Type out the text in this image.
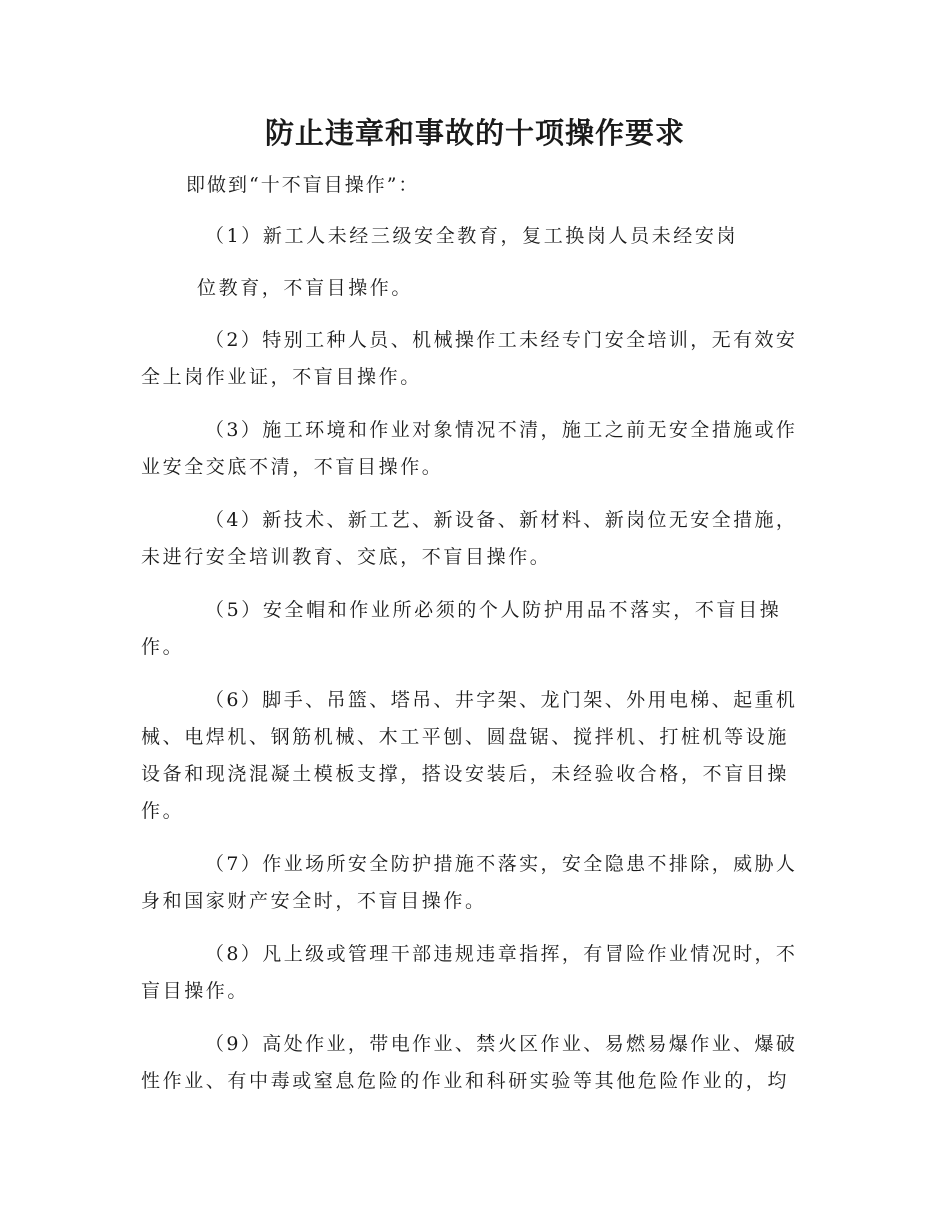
防止违章和事故的十项操作要求
即做到“十不盲目操作”：
（1）新工人未经三级安全教育，复工换岗人员未经安岗
位教育，不盲目操作。
（2）特别工种人员、机械操作工未经专门安全培训，无有效安
全上岗作业证，不盲目操作。
（3）施工环境和作业对象情况不清，施工之前无安全措施或作
业安全交底不清，不盲目操作。
（4）新技术、新工艺、新设备、新材料、新岗位无安全措施，
未进行安全培训教育、交底，不盲目操作。
（5）安全帽和作业所必须的个人防护用品不落实，不盲目操
作。
（6）脚手、吊篮、塔吊、井字架、龙门架、外用电梯、起重机
械、电焊机、钢筋机械、木工平刨、圆盘锯、搅拌机、打桩机等设施
设备和现浇混凝土模板支撑，搭设安装后，未经验收合格，不盲目操
作。
（7）作业场所安全防护措施不落实，安全隐患不排除，威胁人
身和国家财产安全时，不盲目操作。
（8）凡上级或管理干部违规违章指挥，有冒险作业情况时，不
盲目操作。
（9）高处作业，带电作业、禁火区作业、易燃易爆作业、爆破
性作业、有中毒或窒息危险的作业和科研实验等其他危险作业的，均
